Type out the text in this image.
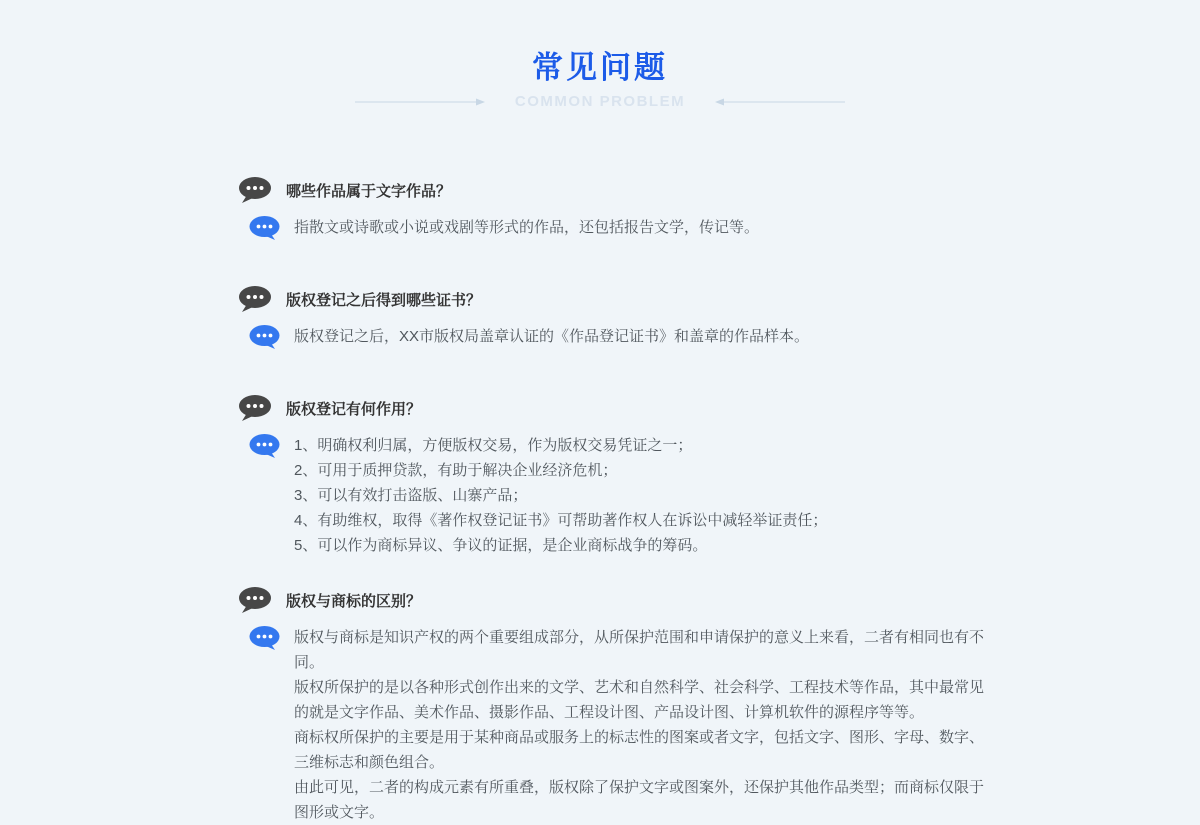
常见问题
COMMON PROBLEM
哪些作品属于文字作品？
指散文或诗歌或小说或戏剧等形式的作品，还包括报告文学，传记等。
版权登记之后得到哪些证书？
版权登记之后，XX市版权局盖章认证的《作品登记证书》和盖章的作品样本。
版权登记有何作用？
1、明确权利归属，方便版权交易，作为版权交易凭证之一；
2、可用于质押贷款，有助于解决企业经济危机；
3、可以有效打击盗版、山寨产品；
4、有助维权，取得《著作权登记证书》可帮助著作权人在诉讼中减轻举证责任；
5、可以作为商标异议、争议的证据，是企业商标战争的筹码。
版权与商标的区别？
版权与商标是知识产权的两个重要组成部分，从所保护范围和申请保护的意义上来看，二者有相同也有不同。
版权所保护的是以各种形式创作出来的文学、艺术和自然科学、社会科学、工程技术等作品，其中最常见的就是文字作品、美术作品、摄影作品、工程设计图、产品设计图、计算机软件的源程序等等。
商标权所保护的主要是用于某种商品或服务上的标志性的图案或者文字，包括文字、图形、字母、数字、三维标志和颜色组合。
由此可见，二者的构成元素有所重叠，版权除了保护文字或图案外，还保护其他作品类型；而商标仅限于图形或文字。
